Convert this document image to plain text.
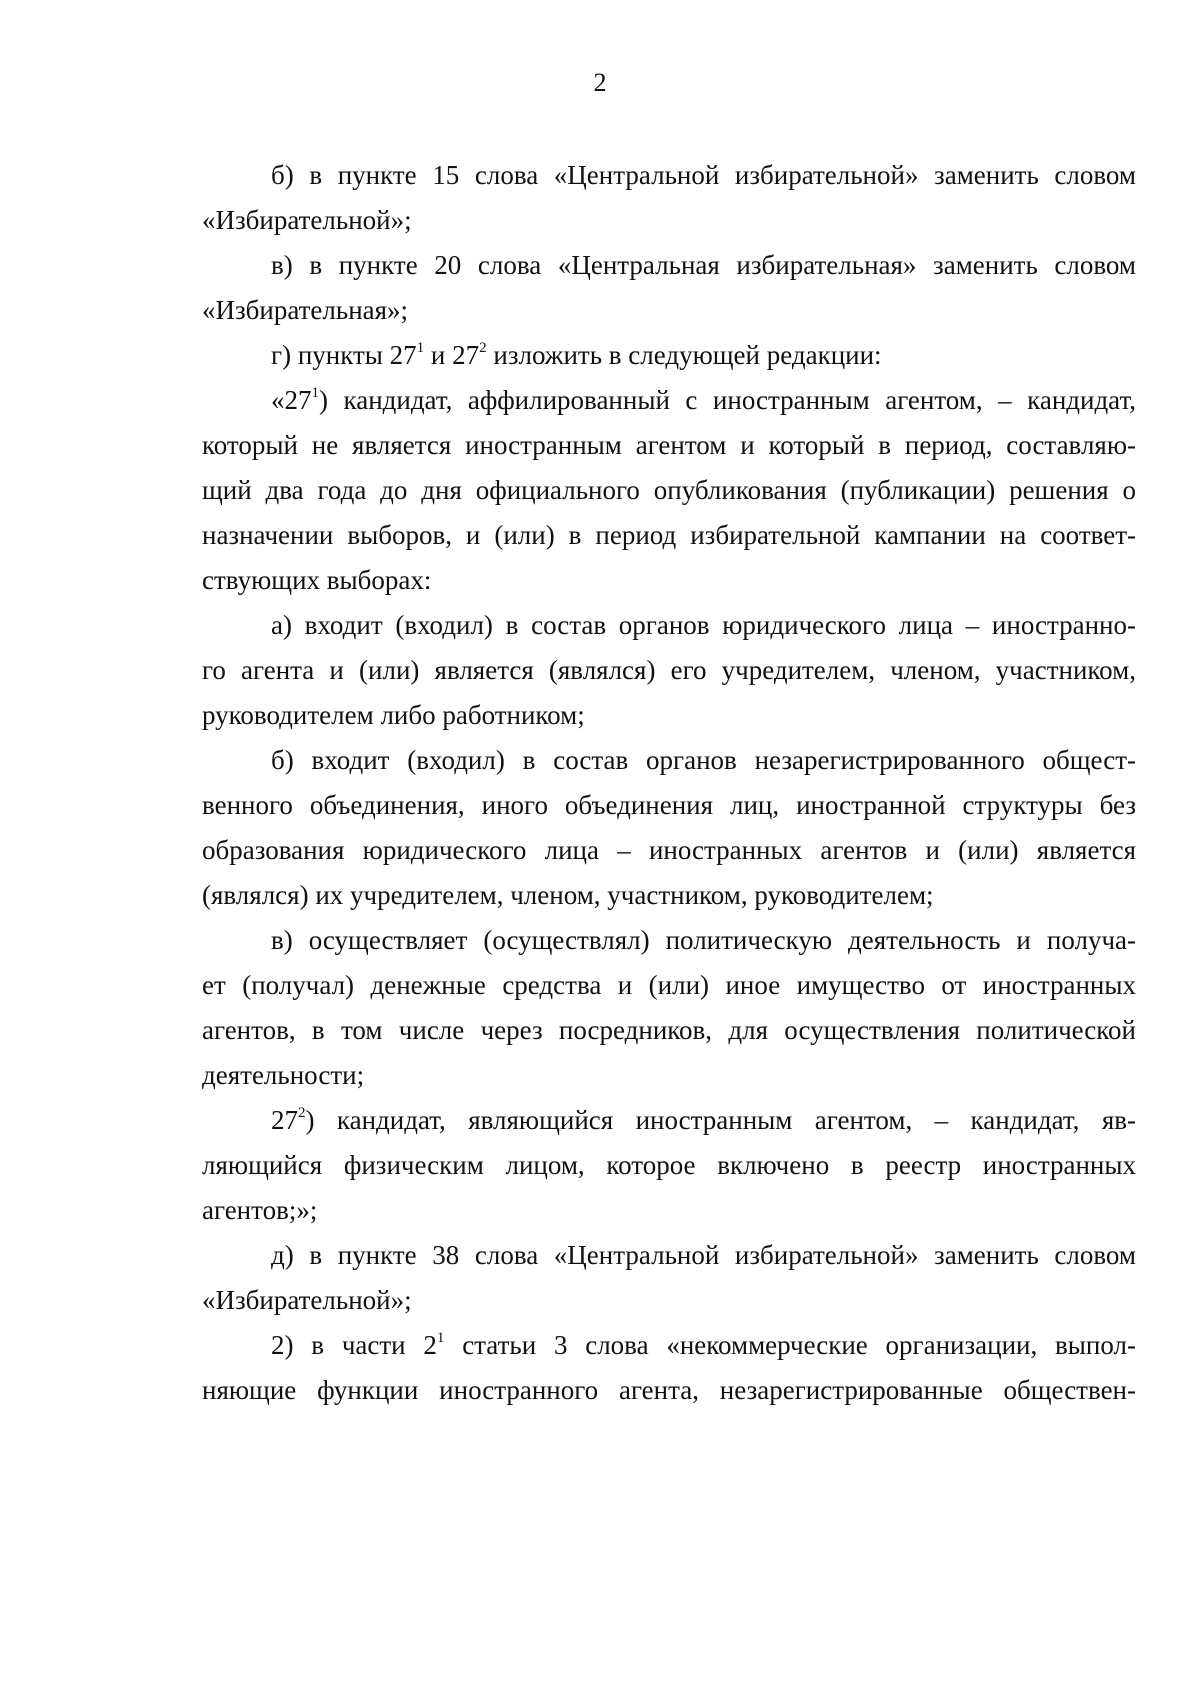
2

б) в пункте 15 слова «Центральной избирательной» заменить словом
«Избирательной»;

в) в пункте 20 слова «Центральная избирательная» заменить словом
«Избирательная»;

г) пункты $27^1$ и $27^2$ изложить в следующей редакции:

«$27^1$) кандидат, аффилированный с иностранным агентом, – кандидат,
который не является иностранным агентом и который в период, составляю-
щий два года до дня официального опубликования (публикации) решения о
назначении выборов, и (или) в период избирательной кампании на соответ-
ствующих выборах:

а) входит (входил) в состав органов юридического лица – иностранно-
го агента и (или) является (являлся) его учредителем, членом, участником,
руководителем либо работником;

б) входит (входил) в состав органов незарегистрированного общест-
венного объединения, иного объединения лиц, иностранной структуры без
образования юридического лица – иностранных агентов и (или) является
(являлся) их учредителем, членом, участником, руководителем;

в) осуществляет (осуществлял) политическую деятельность и получа-
ет (получал) денежные средства и (или) иное имущество от иностранных
агентов, в том числе через посредников, для осуществления политической
деятельности;

$27^2$) кандидат, являющийся иностранным агентом, – кандидат, яв-
ляющийся физическим лицом, которое включено в реестр иностранных
агентов;»;

д) в пункте 38 слова «Центральной избирательной» заменить словом
«Избирательной»;

2) в части $2^1$ статьи 3 слова «некоммерческие организации, выпол-
няющие функции иностранного агента, незарегистрированные обществен-
